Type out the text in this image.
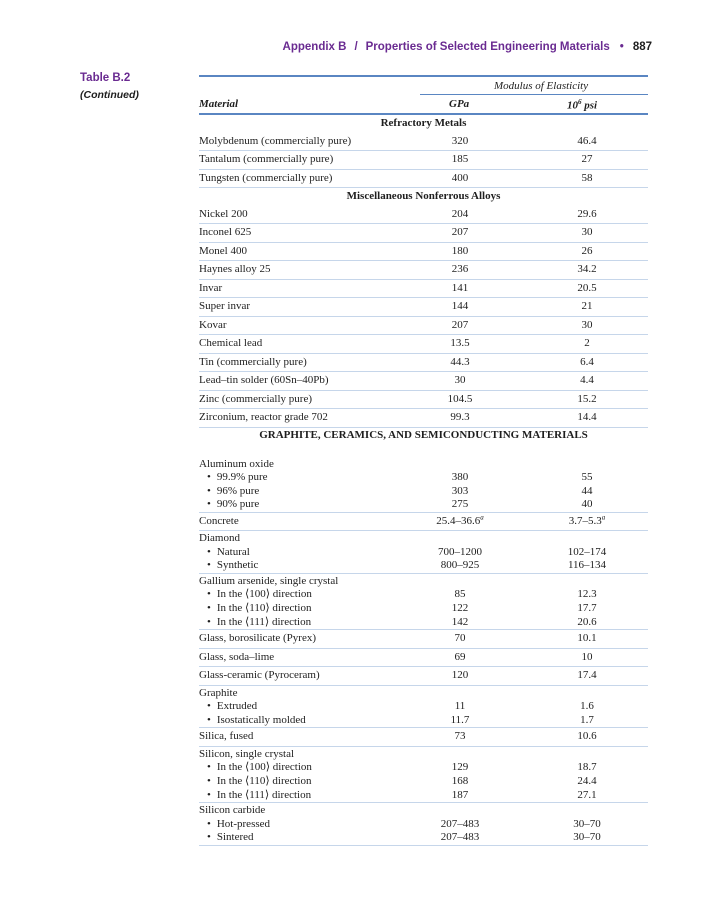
Appendix B / Properties of Selected Engineering Materials • 887
Table B.2
(Continued)
Modulus of Elasticity
Material	GPa	$10^6$ psi
Refractory Metals
Molybdenum (commercially pure)	320	46.4
Tantalum (commercially pure)	185	27
Tungsten (commercially pure)	400	58
Miscellaneous Nonferrous Alloys
Nickel 200	204	29.6
Inconel 625	207	30
Monel 400	180	26
Haynes alloy 25	236	34.2
Invar	141	20.5
Super invar	144	21
Kovar	207	30
Chemical lead	13.5	2
Tin (commercially pure)	44.3	6.4
Lead–tin solder (60Sn–40Pb)	30	4.4
Zinc (commercially pure)	104.5	15.2
Zirconium, reactor grade 702	99.3	14.4
GRAPHITE, CERAMICS, AND SEMICONDUCTING MATERIALS
Aluminum oxide
• 99.9% pure	380	55
• 96% pure	303	44
• 90% pure	275	40
Concrete	25.4–36.6$^a$	3.7–5.3$^a$
Diamond
• Natural	700–1200	102–174
• Synthetic	800–925	116–134
Gallium arsenide, single crystal
• In the ⟨100⟩ direction	85	12.3
• In the ⟨110⟩ direction	122	17.7
• In the ⟨111⟩ direction	142	20.6
Glass, borosilicate (Pyrex)	70	10.1
Glass, soda–lime	69	10
Glass-ceramic (Pyroceram)	120	17.4
Graphite
• Extruded	11	1.6
• Isostatically molded	11.7	1.7
Silica, fused	73	10.6
Silicon, single crystal
• In the ⟨100⟩ direction	129	18.7
• In the ⟨110⟩ direction	168	24.4
• In the ⟨111⟩ direction	187	27.1
Silicon carbide
• Hot-pressed	207–483	30–70
• Sintered	207–483	30–70
